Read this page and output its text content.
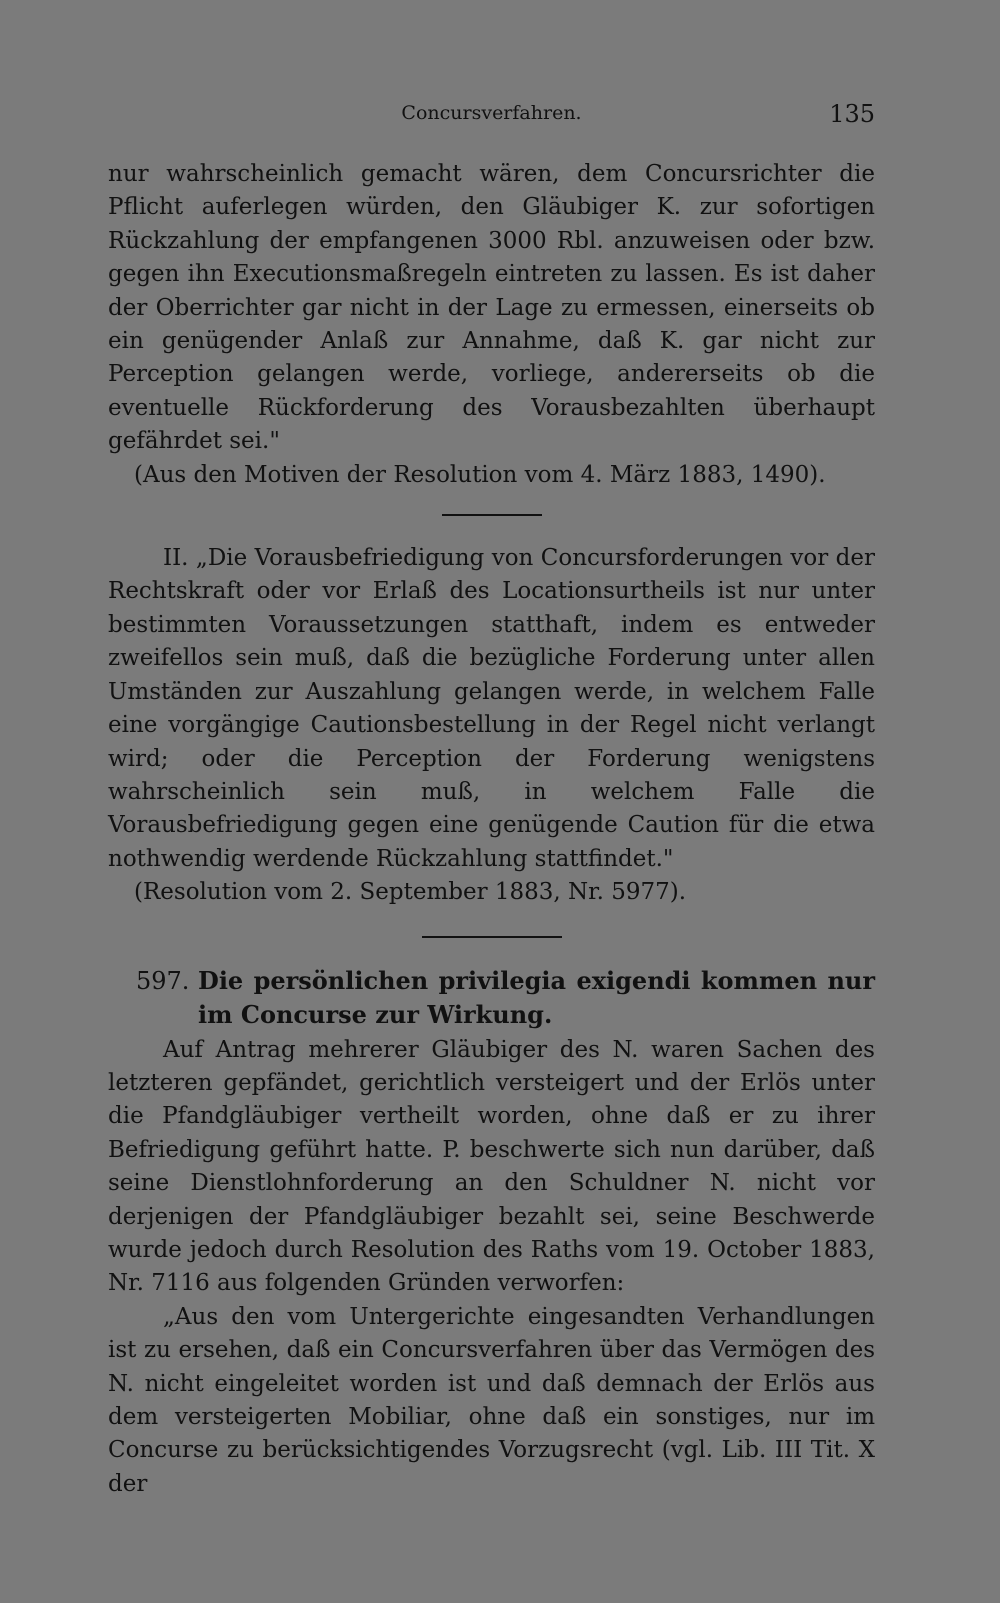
Concursverfahren.	135

nur wahrscheinlich gemacht wären, dem Concursrichter die Pflicht auferlegen würden, den Gläubiger K. zur sofortigen Rückzahlung der empfangenen 3000 Rbl. anzuweisen oder bzw. gegen ihn Executionsmaßregeln eintreten zu lassen. Es ist daher der Oberrichter gar nicht in der Lage zu ermessen, einerseits ob ein genügender Anlaß zur Annahme, daß K. gar nicht zur Perception gelangen werde, vorliege, andererseits ob die eventuelle Rückforderung des Vorausbezahlten überhaupt gefährdet sei."

(Aus den Motiven der Resolution vom 4. März 1883, 1490).

II. „Die Vorausbefriedigung von Concursforderungen vor der Rechtskraft oder vor Erlaß des Locationsurtheils ist nur unter bestimmten Voraussetzungen statthaft, indem es entweder zweifellos sein muß, daß die bezügliche Forderung unter allen Umständen zur Auszahlung gelangen werde, in welchem Falle eine vorgängige Cautionsbestellung in der Regel nicht verlangt wird; oder die Perception der Forderung wenigstens wahrscheinlich sein muß, in welchem Falle die Vorausbefriedigung gegen eine genügende Caution für die etwa nothwendig werdende Rückzahlung stattfindet."

(Resolution vom 2. September 1883, Nr. 5977).

597. Die persönlichen privilegia exigendi kommen nur im Concurse zur Wirkung.

Auf Antrag mehrerer Gläubiger des N. waren Sachen des letzteren gepfändet, gerichtlich versteigert und der Erlös unter die Pfandgläubiger vertheilt worden, ohne daß er zu ihrer Befriedigung geführt hatte. P. beschwerte sich nun darüber, daß seine Dienstlohnforderung an den Schuldner N. nicht vor derjenigen der Pfandgläubiger bezahlt sei, seine Beschwerde wurde jedoch durch Resolution des Raths vom 19. October 1883, Nr. 7116 aus folgenden Gründen verworfen:

„Aus den vom Untergerichte eingesandten Verhandlungen ist zu ersehen, daß ein Concursverfahren über das Vermögen des N. nicht eingeleitet worden ist und daß demnach der Erlös aus dem versteigerten Mobiliar, ohne daß ein sonstiges, nur im Concurse zu berücksichtigendes Vorzugsrecht (vgl. Lib. III Tit. X der
